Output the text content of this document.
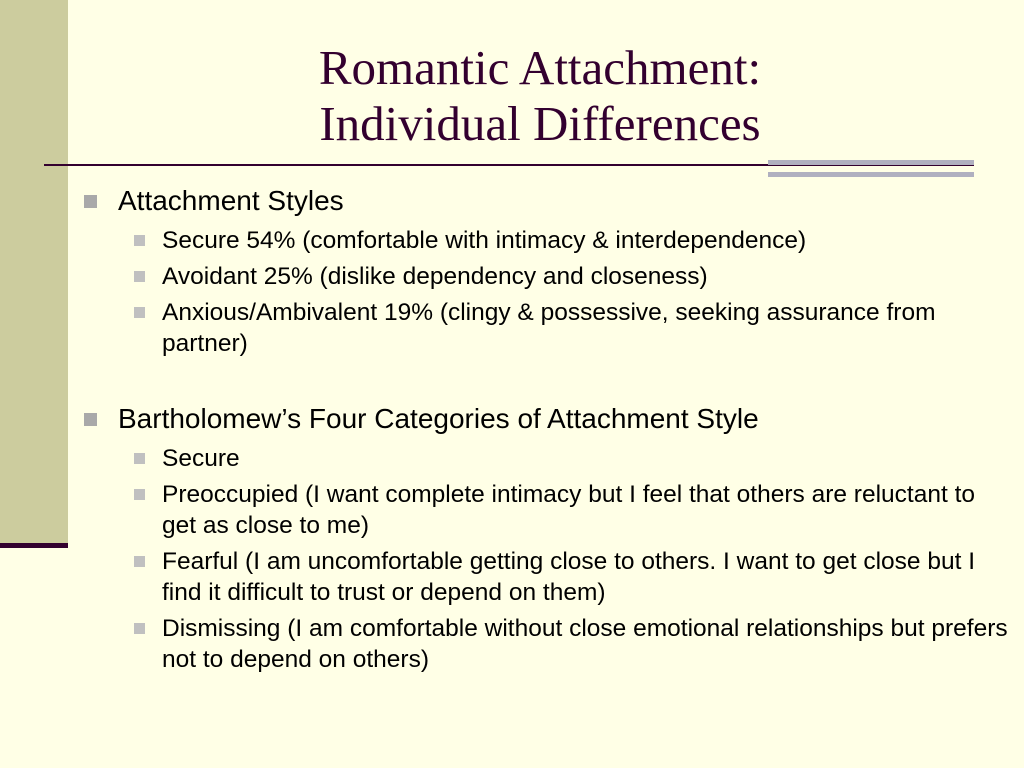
Romantic Attachment:
Individual Differences
Attachment Styles
Secure 54% (comfortable with intimacy & interdependence)
Avoidant 25% (dislike dependency and closeness)
Anxious/Ambivalent 19% (clingy & possessive, seeking assurance from partner)
Bartholomew’s Four Categories of Attachment Style
Secure
Preoccupied (I want complete intimacy but I feel that others are reluctant to get as close to me)
Fearful (I am uncomfortable getting close to others. I want to get close but I find it difficult to trust or depend on them)
Dismissing (I am comfortable without close emotional relationships but prefers not to depend on others)
